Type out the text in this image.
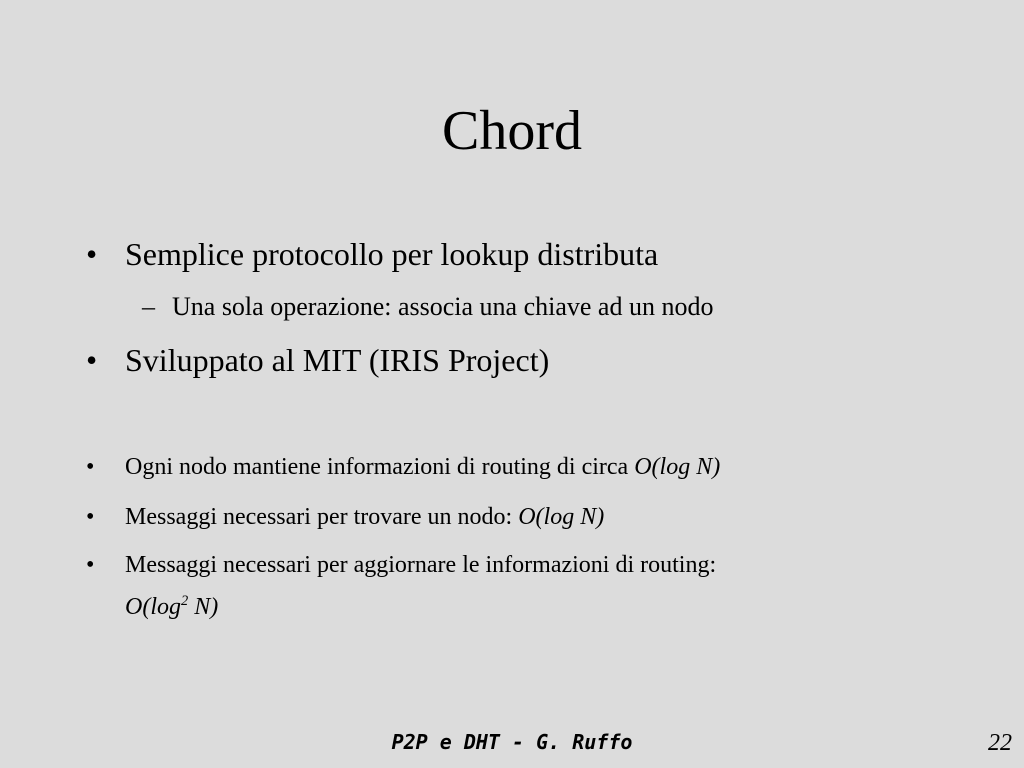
Chord
• Semplice protocollo per lookup distributa
– Una sola operazione: associa una chiave ad un nodo
• Sviluppato al MIT (IRIS Project)
• Ogni nodo mantiene informazioni di routing di circa O(log N)
• Messaggi necessari per trovare un nodo: O(log N)
• Messaggi necessari per aggiornare le informazioni di routing:
$O(\log^2$ N)
P2P e DHT - G. Ruffo	22
